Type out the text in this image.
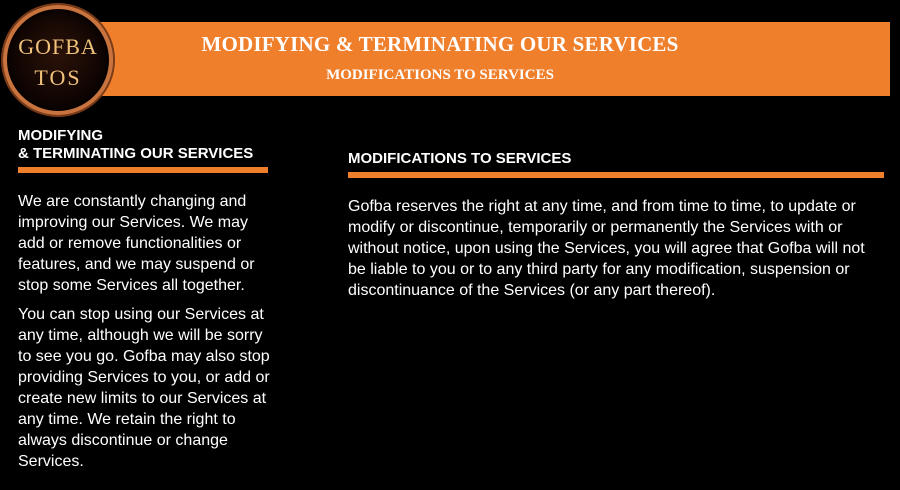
MODIFYING & TERMINATING OUR SERVICES
MODIFICATIONS TO SERVICES
GOFBA
TOS
MODIFYING
& TERMINATING OUR SERVICES

We are constantly changing and improving our Services. We may add or remove functionalities or features, and we may suspend or stop some Services all together.

You can stop using our Services at any time, although we will be sorry to see you go. Gofba may also stop providing Services to you, or add or create new limits to our Services at any time. We retain the right to always discontinue or change Services.

MODIFICATIONS TO SERVICES

Gofba reserves the right at any time, and from time to time, to update or modify or discontinue, temporarily or permanently the Services with or without notice, upon using the Services, you will agree that Gofba will not be liable to you or to any third party for any modification, suspension or discontinuance of the Services (or any part thereof).
